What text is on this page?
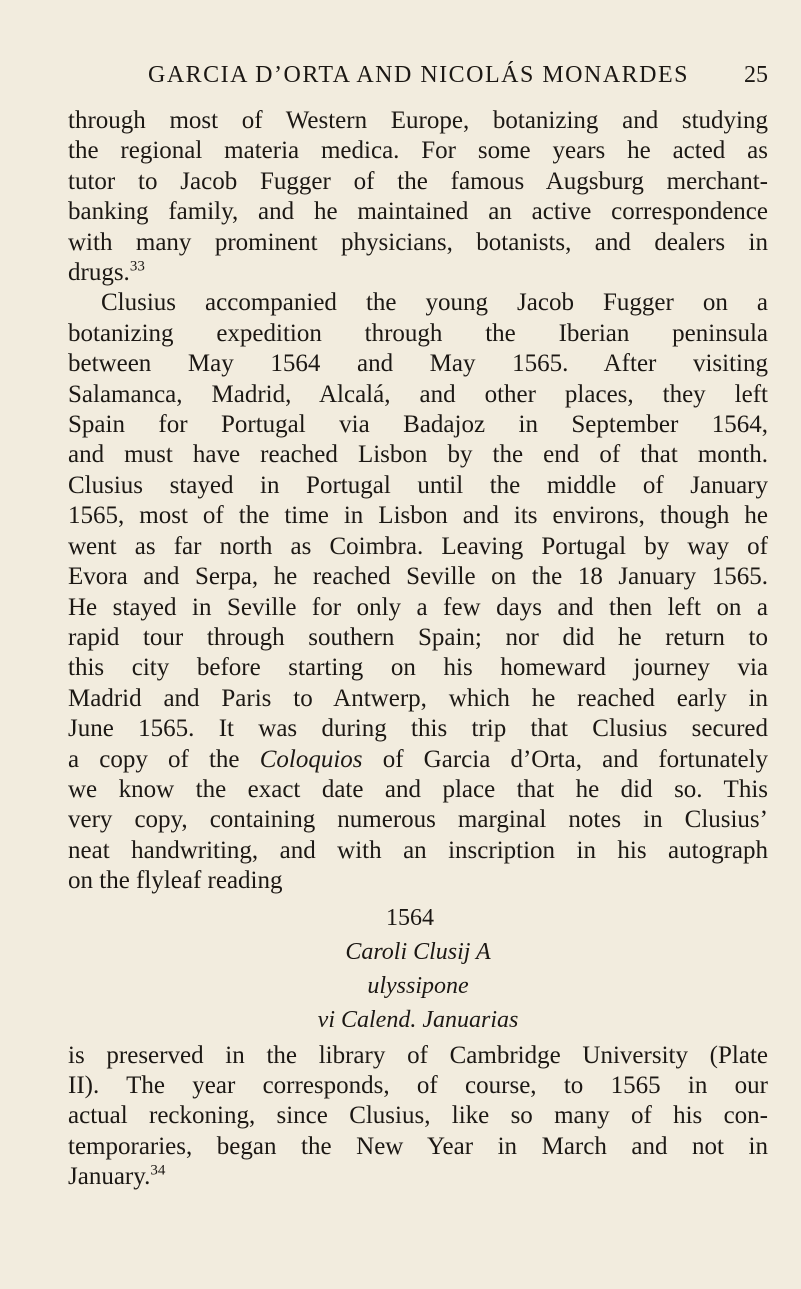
GARCIA D’ORTA AND NICOLÁS MONARDES 25

through most of Western Europe, botanizing and studying
the regional materia medica. For some years he acted as
tutor to Jacob Fugger of the famous Augsburg merchant-
banking family, and he maintained an active correspondence
with many prominent physicians, botanists, and dealers in
drugs.$^{33}$

Clusius accompanied the young Jacob Fugger on a
botanizing expedition through the Iberian peninsula
between May 1564 and May 1565. After visiting
Salamanca, Madrid, Alcalá, and other places, they left
Spain for Portugal via Badajoz in September 1564,
and must have reached Lisbon by the end of that month.
Clusius stayed in Portugal until the middle of January
1565, most of the time in Lisbon and its environs, though he
went as far north as Coimbra. Leaving Portugal by way of
Evora and Serpa, he reached Seville on the 18 January 1565.
He stayed in Seville for only a few days and then left on a
rapid tour through southern Spain; nor did he return to
this city before starting on his homeward journey via
Madrid and Paris to Antwerp, which he reached early in
June 1565. It was during this trip that Clusius secured
a copy of the Coloquios of Garcia d’Orta, and fortunately
we know the exact date and place that he did so. This
very copy, containing numerous marginal notes in Clusius’
neat handwriting, and with an inscription in his autograph
on the flyleaf reading

1564
Caroli Clusij A
ulyssipone
vi Calend. Januarias

is preserved in the library of Cambridge University (Plate
II). The year corresponds, of course, to 1565 in our
actual reckoning, since Clusius, like so many of his con-
temporaries, began the New Year in March and not in
January.$^{34}$
